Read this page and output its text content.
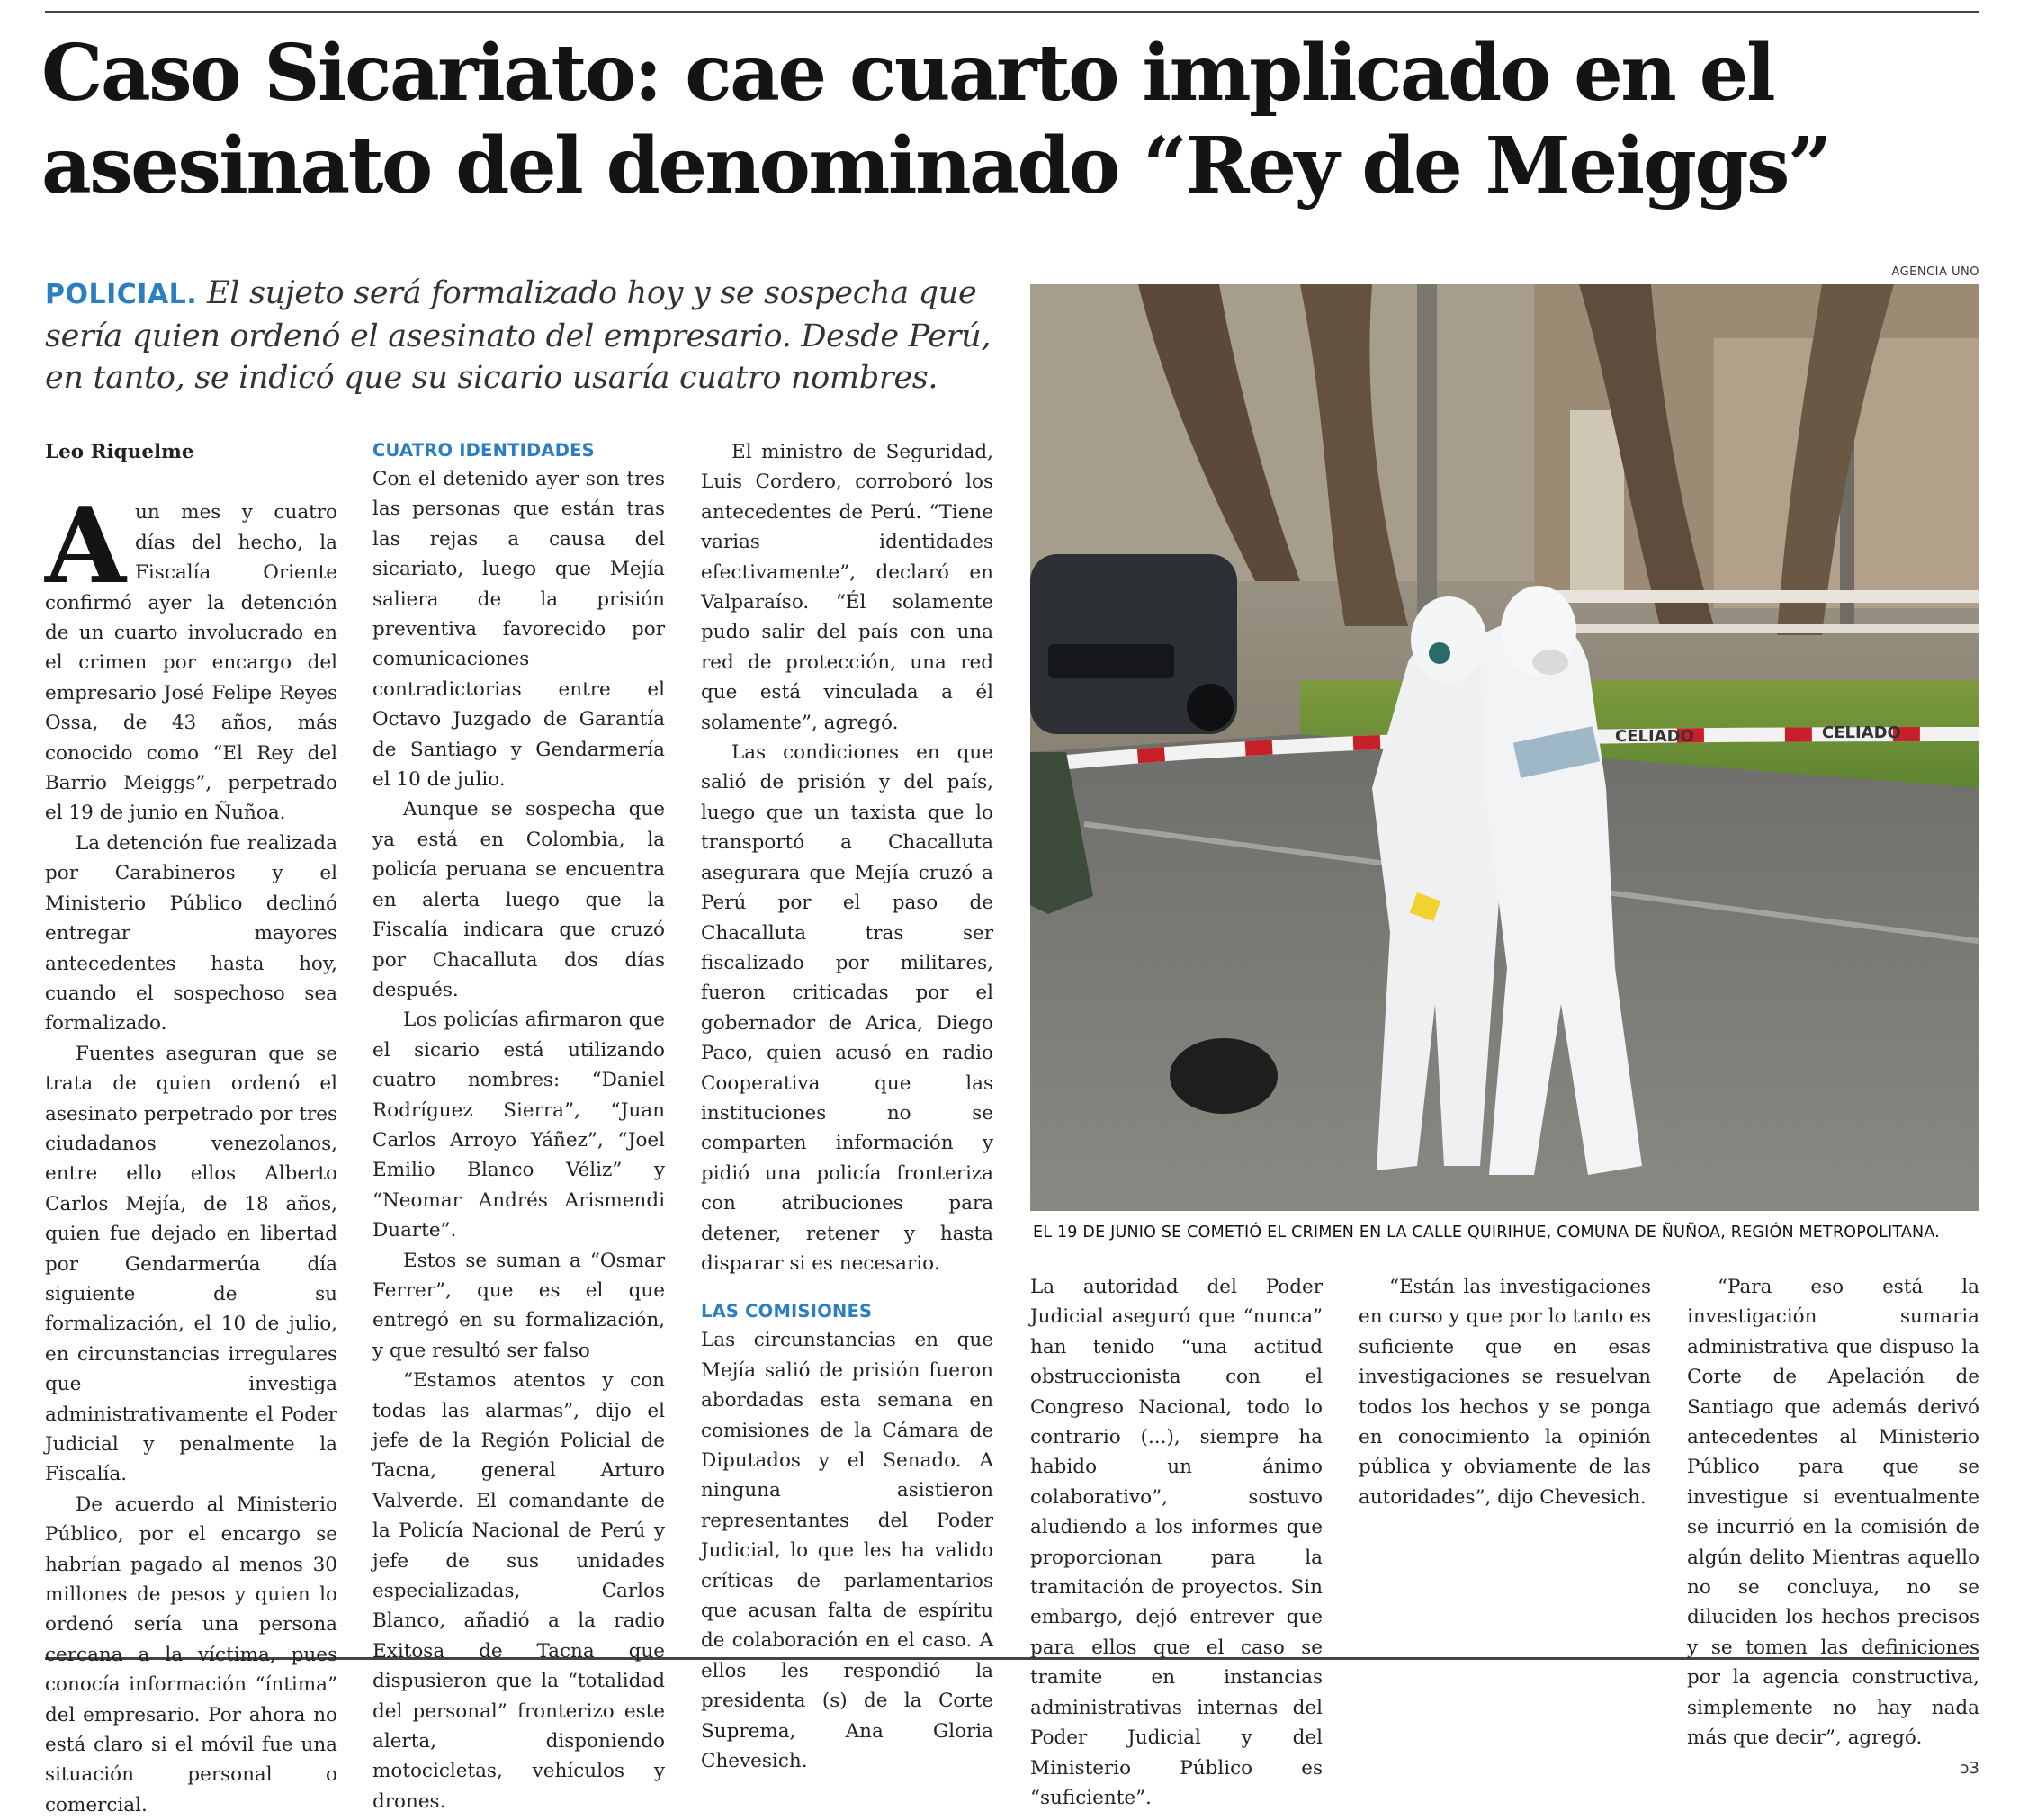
Caso Sicariato: cae cuarto implicado en el
asesinato del denominado “Rey de Meiggs”
POLICIAL. El sujeto será formalizado hoy y se sospecha que sería quien ordenó el asesinato del empresario. Desde Perú, en tanto, se indicó que su sicario usaría cuatro nombres.
AGENCIA UNO
CELIADO	CELIADO
EL 19 DE JUNIO SE COMETIÓ EL CRIMEN EN LA CALLE QUIRIHUE, COMUNA DE ÑUÑOA, REGIÓN METROPOLITANA.
Leo Riquelme
A un mes y cuatro días del hecho, la Fiscalía Oriente confirmó ayer la detención de un cuarto involucrado en el crimen por encargo del empresario José Felipe Reyes Ossa, de 43 años, más conocido como “El Rey del Barrio Meiggs”, perpetrado el 19 de junio en Ñuñoa.

La detención fue realizada por Carabineros y el Ministerio Público declinó entregar mayores antecedentes hasta hoy, cuando el sospechoso sea formalizado.

Fuentes aseguran que se trata de quien ordenó el asesinato perpetrado por tres ciudadanos venezolanos, entre ello ellos Alberto Carlos Mejía, de 18 años, quien fue dejado en libertad por Gendarmerúa día siguiente de su formalización, el 10 de julio, en circunstancias irregulares que investiga administrativamente el Poder Judicial y penalmente la Fiscalía.

De acuerdo al Ministerio Público, por el encargo se habrían pagado al menos 30 millones de pesos y quien lo ordenó sería una persona cercana a la víctima, pues conocía información “íntima” del empresario. Por ahora no está claro si el móvil fue una situación personal o comercial.

CUATRO IDENTIDADES

Con el detenido ayer son tres las personas que están tras las rejas a causa del sicariato, luego que Mejía saliera de la prisión preventiva favorecido por comunicaciones contradictorias entre el Octavo Juzgado de Garantía de Santiago y Gendarmería el 10 de julio.

Aunque se sospecha que ya está en Colombia, la policía peruana se encuentra en alerta luego que la Fiscalía indicara que cruzó por Chacalluta dos días después.

Los policías afirmaron que el sicario está utilizando cuatro nombres: “Daniel Rodríguez Sierra”, “Juan Carlos Arroyo Yáñez”, “Joel Emilio Blanco Véliz” y “Neomar Andrés Arismendi Duarte”.

Estos se suman a “Osmar Ferrer”, que es el que entregó en su formalización, y que resultó ser falso

“Estamos atentos y con todas las alarmas”, dijo el jefe de la Región Policial de Tacna, general Arturo Valverde. El comandante de la Policía Nacional de Perú y jefe de sus unidades especializadas, Carlos Blanco, añadió a la radio Exitosa de Tacna que dispusieron que la “totalidad del personal” fronterizo este alerta, disponiendo motocicletas, vehículos y drones.

El ministro de Seguridad, Luis Cordero, corroboró los antecedentes de Perú. “Tiene varias identidades efectivamente”, declaró en Valparaíso. “Él solamente pudo salir del país con una red de protección, una red que está vinculada a él solamente”, agregó.

Las condiciones en que salió de prisión y del país, luego que un taxista que lo transportó a Chacalluta asegurara que Mejía cruzó a Perú por el paso de Chacalluta tras ser fiscalizado por militares, fueron criticadas por el gobernador de Arica, Diego Paco, quien acusó en radio Cooperativa que las instituciones no se comparten información y pidió una policía fronteriza con atribuciones para detener, retener y hasta disparar si es necesario.

LAS COMISIONES

Las circunstancias en que Mejía salió de prisión fueron abordadas esta semana en comisiones de la Cámara de Diputados y el Senado. A ninguna asistieron representantes del Poder Judicial, lo que les ha valido críticas de parlamentarios que acusan falta de espíritu de colaboración en el caso. A ellos les respondió la presidenta (s) de la Corte Suprema, Ana Gloria Chevesich.

La autoridad del Poder Judicial aseguró que “nunca” han tenido “una actitud obstruccionista con el Congreso Nacional, todo lo contrario (...), siempre ha habido un ánimo colaborativo”, sostuvo aludiendo a los informes que proporcionan para la tramitación de proyectos. Sin embargo, dejó entrever que para ellos que el caso se tramite en instancias administrativas internas del Poder Judicial y del Ministerio Público es “suficiente”.

“Están las investigaciones en curso y que por lo tanto es suficiente que en esas investigaciones se resuelvan todos los hechos y se ponga en conocimiento la opinión pública y obviamente de las autoridades”, dijo Chevesich.

“Para eso está la investigación sumaria administrativa que dispuso la Corte de Apelación de Santiago que además derivó antecedentes al Ministerio Público para que se investigue si eventualmente se incurrió en la comisión de algún delito Mientras aquello no se concluya, no se diluciden los hechos precisos y se tomen las definiciones por la agencia constructiva, simplemente no hay nada más que decir”, agregó.

ↄ3
